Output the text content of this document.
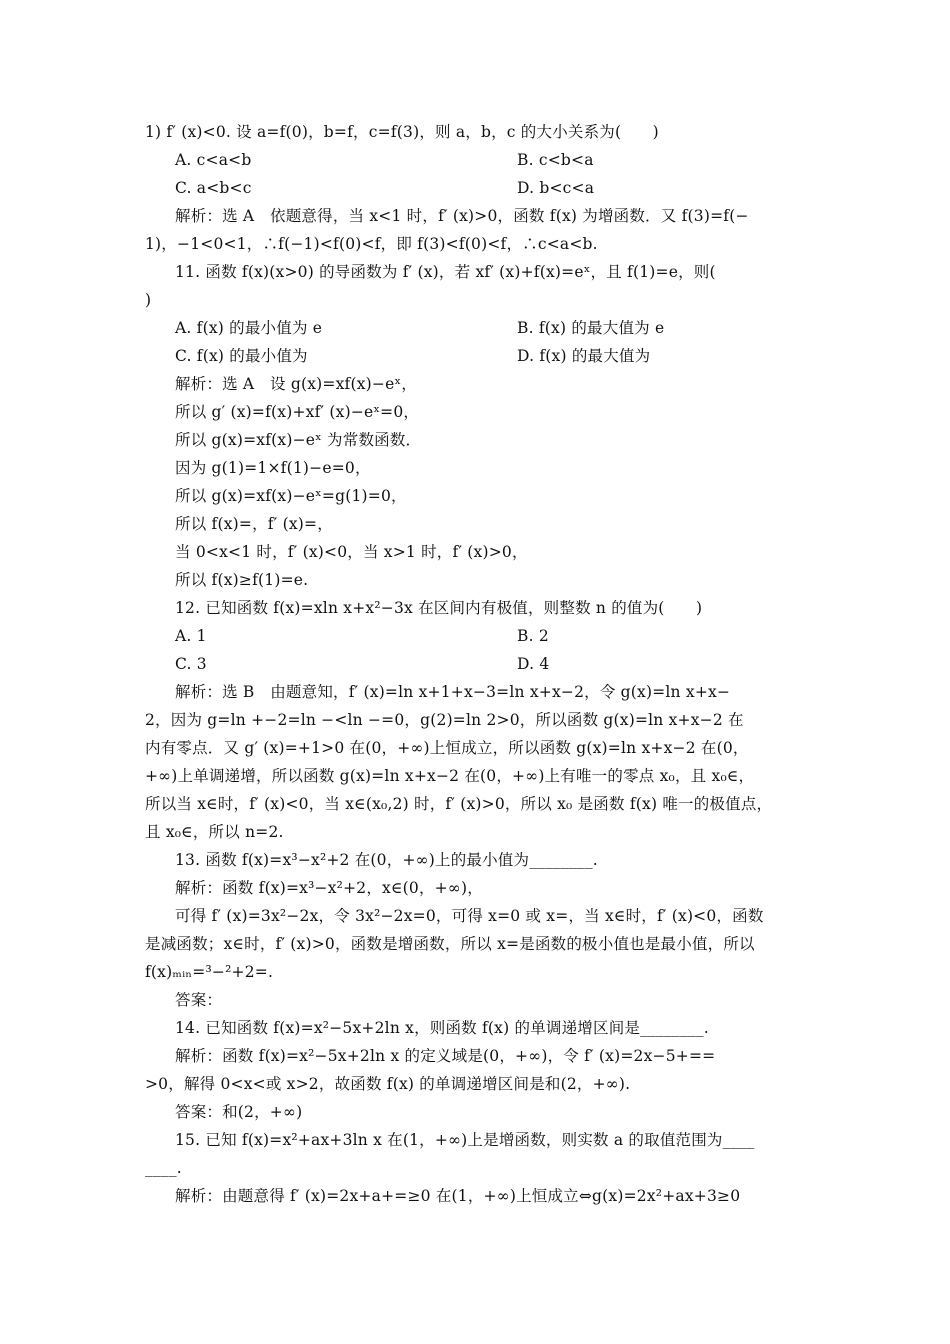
1) f′ (x)<0. 设 a=f(0)，b=f，c=f(3)，则 a，b，c 的大小关系为(　　)
A. c<a<b	B. c<b<a
C. a<b<c	D. b<c<a
解析：选 A　依题意得，当 x<1 时，f′ (x)>0，函数 f(x) 为增函数．又 f(3)=f(−
1)，−1<0<1，∴f(−1)<f(0)<f，即 f(3)<f(0)<f，∴c<a<b.
11. 函数 f(x)(x>0) 的导函数为 f′ (x)，若 xf′ (x)+f(x)=eˣ，且 f(1)=e，则(
)
A. f(x) 的最小值为 e	B. f(x) 的最大值为 e
C. f(x) 的最小值为	D. f(x) 的最大值为
解析：选 A　设 g(x)=xf(x)−eˣ，
所以 g′ (x)=f(x)+xf′ (x)−eˣ=0，
所以 g(x)=xf(x)−eˣ 为常数函数．
因为 g(1)=1×f(1)−e=0，
所以 g(x)=xf(x)−eˣ=g(1)=0，
所以 f(x)=，f′ (x)=，
当 0<x<1 时，f′ (x)<0，当 x>1 时，f′ (x)>0，
所以 f(x)≥f(1)=e.
12. 已知函数 f(x)=xln x+x²−3x 在区间内有极值，则整数 n 的值为(　　)
A. 1	B. 2
C. 3	D. 4
解析：选 B　由题意知，f′ (x)=ln x+1+x−3=ln x+x−2，令 g(x)=ln x+x−
2，因为 g=ln +−2=ln −<ln −=0，g(2)=ln 2>0，所以函数 g(x)=ln x+x−2 在
内有零点．又 g′ (x)=+1>0 在(0，+∞)上恒成立，所以函数 g(x)=ln x+x−2 在(0，
+∞)上单调递增，所以函数 g(x)=ln x+x−2 在(0，+∞)上有唯一的零点 x₀，且 x₀∈，
所以当 x∈时，f′ (x)<0，当 x∈(x₀,2) 时，f′ (x)>0，所以 x₀ 是函数 f(x) 唯一的极值点，
且 x₀∈，所以 n=2.
13. 函数 f(x)=x³−x²+2 在(0，+∞)上的最小值为________.
解析：函数 f(x)=x³−x²+2，x∈(0，+∞)，
可得 f′ (x)=3x²−2x，令 3x²−2x=0，可得 x=0 或 x=，当 x∈时，f′ (x)<0，函数
是减函数；x∈时，f′ (x)>0，函数是增函数，所以 x=是函数的极小值也是最小值，所以
f(x)ₘᵢₙ=³−²+2=.
答案：
14. 已知函数 f(x)=x²−5x+2ln x，则函数 f(x) 的单调递增区间是________.
解析：函数 f(x)=x²−5x+2ln x 的定义域是(0，+∞)，令 f′ (x)=2x−5+==
>0，解得 0<x<或 x>2，故函数 f(x) 的单调递增区间是和(2，+∞).
答案：和(2，+∞)
15. 已知 f(x)=x²+ax+3ln x 在(1，+∞)上是增函数，则实数 a 的取值范围为____
____.
解析：由题意得 f′ (x)=2x+a+=≥0 在(1，+∞)上恒成立⇔g(x)=2x²+ax+3≥0
